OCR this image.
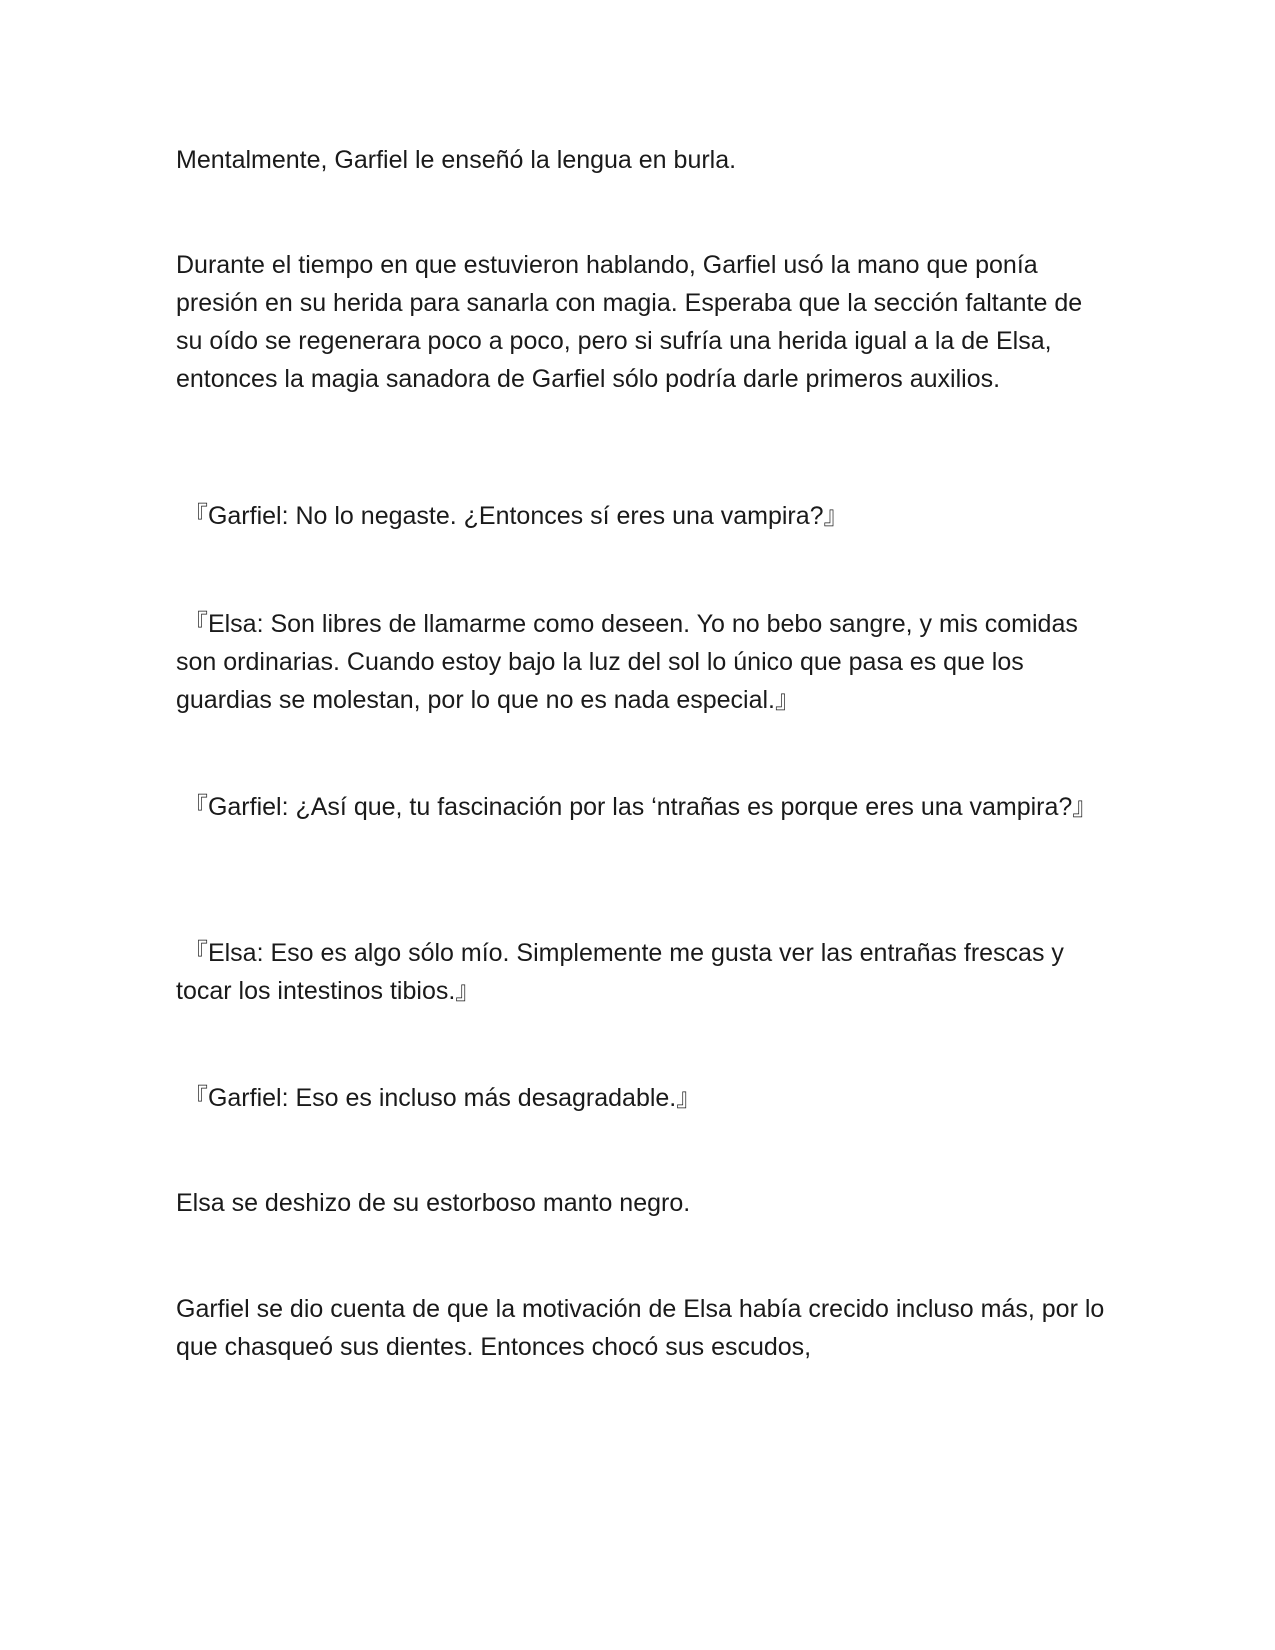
Mentalmente, Garfiel le enseñó la lengua en burla.

Durante el tiempo en que estuvieron hablando, Garfiel usó la mano que ponía presión en su herida para sanarla con magia. Esperaba que la sección faltante de su oído se regenerara poco a poco, pero si sufría una herida igual a la de Elsa, entonces la magia sanadora de Garfiel sólo podría darle primeros auxilios.

『Garfiel: No lo negaste. ¿Entonces sí eres una vampira?』

『Elsa: Son libres de llamarme como deseen. Yo no bebo sangre, y mis comidas son ordinarias. Cuando estoy bajo la luz del sol lo único que pasa es que los guardias se molestan, por lo que no es nada especial.』

『Garfiel: ¿Así que, tu fascinación por las ‘ntrañas es porque eres una vampira?』

『Elsa: Eso es algo sólo mío. Simplemente me gusta ver las entrañas frescas y tocar los intestinos tibios.』

『Garfiel: Eso es incluso más desagradable.』

Elsa se deshizo de su estorboso manto negro.

Garfiel se dio cuenta de que la motivación de Elsa había crecido incluso más, por lo que chasqueó sus dientes. Entonces chocó sus escudos,
